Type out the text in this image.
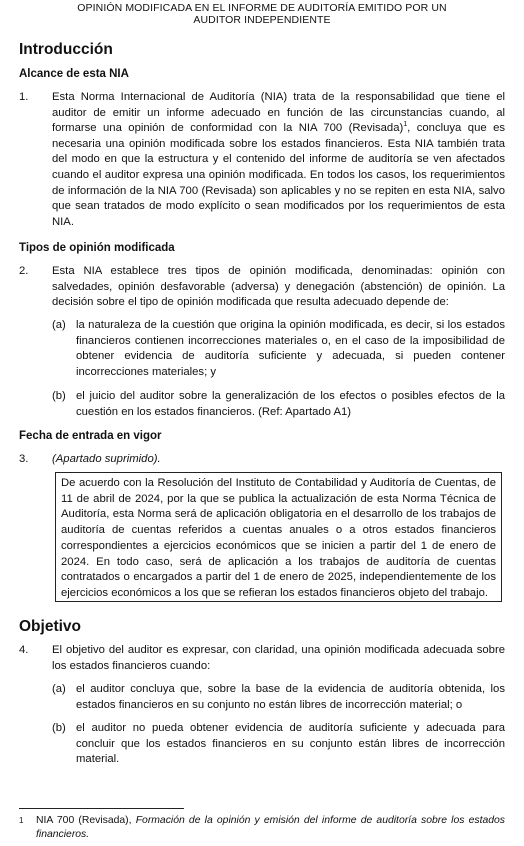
OPINIÓN MODIFICADA EN EL INFORME DE AUDITORÍA EMITIDO POR UN
AUDITOR INDEPENDIENTE
Introducción
Alcance de esta NIA
1. Esta Norma Internacional de Auditoría (NIA) trata de la responsabilidad que tiene el auditor de emitir un informe adecuado en función de las circunstancias cuando, al formarse una opinión de conformidad con la NIA 700 (Revisada)$^1$, concluya que es necesaria una opinión modificada sobre los estados financieros. Esta NIA también trata del modo en que la estructura y el contenido del informe de auditoría se ven afectados cuando el auditor expresa una opinión modificada. En todos los casos, los requerimientos de información de la NIA 700 (Revisada) son aplicables y no se repiten en esta NIA, salvo que sean tratados de modo explícito o sean modificados por los requerimientos de esta NIA.
Tipos de opinión modificada
2. Esta NIA establece tres tipos de opinión modificada, denominadas: opinión con salvedades, opinión desfavorable (adversa) y denegación (abstención) de opinión. La decisión sobre el tipo de opinión modificada que resulta adecuado depende de:
(a) la naturaleza de la cuestión que origina la opinión modificada, es decir, si los estados financieros contienen incorrecciones materiales o, en el caso de la imposibilidad de obtener evidencia de auditoría suficiente y adecuada, si pueden contener incorrecciones materiales; y
(b) el juicio del auditor sobre la generalización de los efectos o posibles efectos de la cuestión en los estados financieros. (Ref: Apartado A1)
Fecha de entrada en vigor
3. (Apartado suprimido).
De acuerdo con la Resolución del Instituto de Contabilidad y Auditoría de Cuentas, de 11 de abril de 2024, por la que se publica la actualización de esta Norma Técnica de Auditoría, esta Norma será de aplicación obligatoria en el desarrollo de los trabajos de auditoría de cuentas referidos a cuentas anuales o a otros estados financieros correspondientes a ejercicios económicos que se inicien a partir del 1 de enero de 2024. En todo caso, será de aplicación a los trabajos de auditoría de cuentas contratados o encargados a partir del 1 de enero de 2025, independientemente de los ejercicios económicos a los que se refieran los estados financieros objeto del trabajo.
Objetivo
4. El objetivo del auditor es expresar, con claridad, una opinión modificada adecuada sobre los estados financieros cuando:
(a) el auditor concluya que, sobre la base de la evidencia de auditoría obtenida, los estados financieros en su conjunto no están libres de incorrección material; o
(b) el auditor no pueda obtener evidencia de auditoría suficiente y adecuada para concluir que los estados financieros en su conjunto están libres de incorrección material.
1 NIA 700 (Revisada), Formación de la opinión y emisión del informe de auditoría sobre los estados financieros.
